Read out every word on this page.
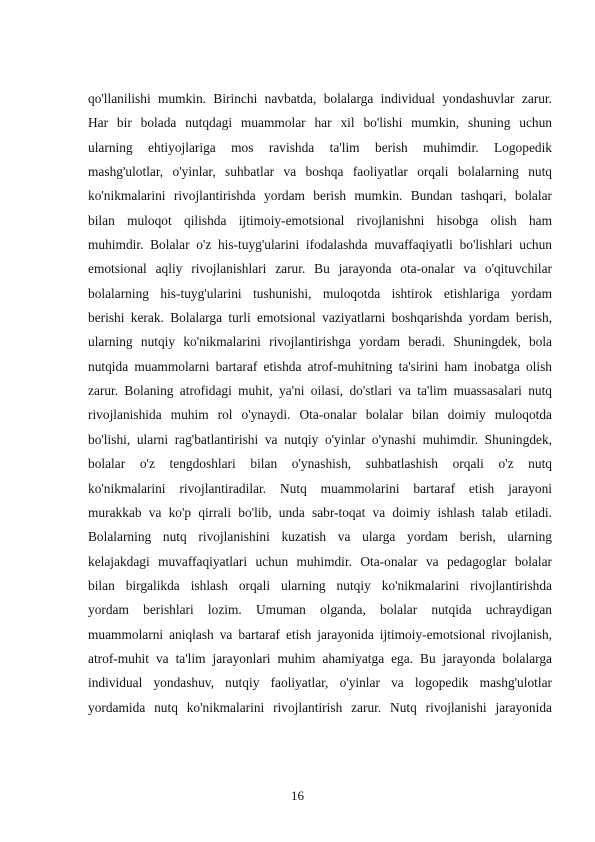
qo'llanilishi mumkin. Birinchi navbatda, bolalarga individual yondashuvlar zarur.
Har bir bolada nutqdagi muammolar har xil bo'lishi mumkin, shuning uchun
ularning ehtiyojlariga mos ravishda ta'lim berish muhimdir. Logopedik
mashg'ulotlar, o'yinlar, suhbatlar va boshqa faoliyatlar orqali bolalarning nutq
ko'nikmalarini rivojlantirishda yordam berish mumkin. Bundan tashqari, bolalar
bilan muloqot qilishda ijtimoiy-emotsional rivojlanishni hisobga olish ham
muhimdir. Bolalar o'z his-tuyg'ularini ifodalashda muvaffaqiyatli bo'lishlari uchun
emotsional aqliy rivojlanishlari zarur. Bu jarayonda ota-onalar va o'qituvchilar
bolalarning his-tuyg'ularini tushunishi, muloqotda ishtirok etishlariga yordam
berishi kerak. Bolalarga turli emotsional vaziyatlarni boshqarishda yordam berish,
ularning nutqiy ko'nikmalarini rivojlantirishga yordam beradi. Shuningdek, bola
nutqida muammolarni bartaraf etishda atrof-muhitning ta'sirini ham inobatga olish
zarur. Bolaning atrofidagi muhit, ya'ni oilasi, do'stlari va ta'lim muassasalari nutq
rivojlanishida muhim rol o'ynaydi. Ota-onalar bolalar bilan doimiy muloqotda
bo'lishi, ularni rag'batlantirishi va nutqiy o'yinlar o'ynashi muhimdir. Shuningdek,
bolalar o'z tengdoshlari bilan o'ynashish, suhbatlashish orqali o'z nutq
ko'nikmalarini rivojlantiradilar. Nutq muammolarini bartaraf etish jarayoni
murakkab va ko'p qirrali bo'lib, unda sabr-toqat va doimiy ishlash talab etiladi.
Bolalarning nutq rivojlanishini kuzatish va ularga yordam berish, ularning
kelajakdagi muvaffaqiyatlari uchun muhimdir. Ota-onalar va pedagoglar bolalar
bilan birgalikda ishlash orqali ularning nutqiy ko'nikmalarini rivojlantirishda
yordam berishlari lozim. Umuman olganda, bolalar nutqida uchraydigan
muammolarni aniqlash va bartaraf etish jarayonida ijtimoiy-emotsional rivojlanish,
atrof-muhit va ta'lim jarayonlari muhim ahamiyatga ega. Bu jarayonda bolalarga
individual yondashuv, nutqiy faoliyatlar, o'yinlar va logopedik mashg'ulotlar
yordamida nutq ko'nikmalarini rivojlantirish zarur. Nutq rivojlanishi jarayonida
16
